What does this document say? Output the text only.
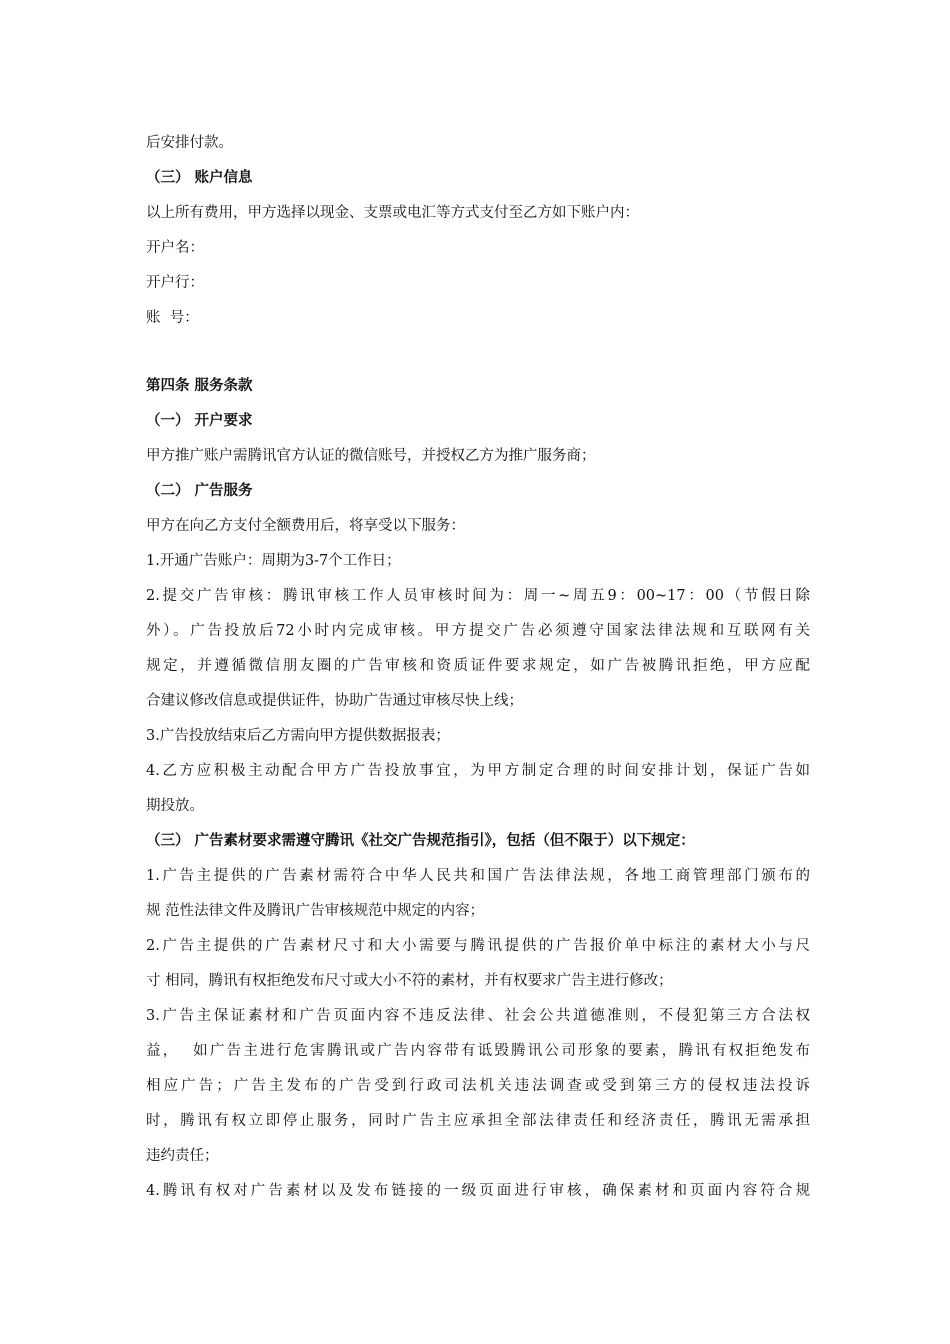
后安排付款。
（三） 账户信息
以上所有费用，甲方选择以现金、支票或电汇等方式支付至乙方如下账户内：
开户名：
开户行：
账  号：
第四条 服务条款
（一） 开户要求
甲方推广账户需腾讯官方认证的微信账号，并授权乙方为推广服务商；
（二） 广告服务
甲方在向乙方支付全额费用后，将享受以下服务：
1.开通广告账户：周期为3-7个工作日；
2.提交广告审核：腾讯审核工作人员审核时间为：周一~周五9：00~17：00（节假日除
外）。广告投放后72小时内完成审核。甲方提交广告必须遵守国家法律法规和互联网有关
规定，并遵循微信朋友圈的广告审核和资质证件要求规定，如广告被腾讯拒绝，甲方应配
合建议修改信息或提供证件，协助广告通过审核尽快上线；
3.广告投放结束后乙方需向甲方提供数据报表；
4.乙方应积极主动配合甲方广告投放事宜，为甲方制定合理的时间安排计划，保证广告如
期投放。
（三） 广告素材要求需遵守腾讯《社交广告规范指引》，包括（但不限于）以下规定：
1.广告主提供的广告素材需符合中华人民共和国广告法律法规，各地工商管理部门颁布的
规 范性法律文件及腾讯广告审核规范中规定的内容；
2.广告主提供的广告素材尺寸和大小需要与腾讯提供的广告报价单中标注的素材大小与尺
寸 相同，腾讯有权拒绝发布尺寸或大小不符的素材，并有权要求广告主进行修改；
3.广告主保证素材和广告页面内容不违反法律、社会公共道德准则，不侵犯第三方合法权
益，  如广告主进行危害腾讯或广告内容带有诋毁腾讯公司形象的要素，腾讯有权拒绝发布
相应广告；广告主发布的广告受到行政司法机关违法调查或受到第三方的侵权违法投诉
时，腾讯有权立即停止服务，同时广告主应承担全部法律责任和经济责任，腾讯无需承担
违约责任；
4.腾讯有权对广告素材以及发布链接的一级页面进行审核，确保素材和页面内容符合规
